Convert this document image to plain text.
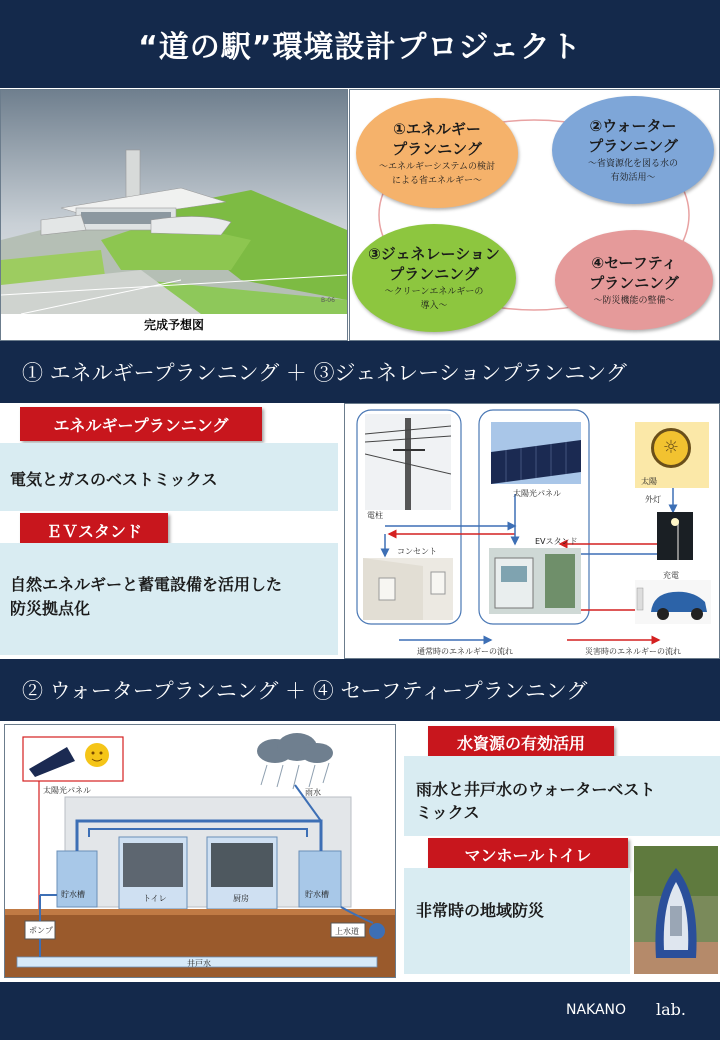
“道の駅”環境設計プロジェクト
B-06
完成予想図
①エネルギー
プランニング
～エネルギーシステムの検討
による省エネルギー～
②ウォーター
プランニング
～省資源化を図る水の
有効活用～
③ジェネレーション
プランニング
～クリーンエネルギーの
導入～
④セーフティ
プランニング
～防災機能の整備～
① エネルギープランニング ＋ ③ジェネレーションプランニング
エネルギープランニング
電気とガスのベストミックス
ＥＶスタンド
自然エネルギーと蓄電設備を活用した
防災拠点化
電柱
コンセント
太陽光パネル
EVスタンド
☼
太陽
外灯
充電
通常時のエネルギーの流れ	災害時のエネルギーの流れ
② ウォータープランニング ＋ ④ セーフティープランニング
太陽光パネル	雨水
貯水槽	トイレ	厨房	貯水槽
ポンプ	上水道
井戸水
水資源の有効活用
雨水と井戸水のウォーターベスト
ミックス
マンホールトイレ
非常時の地域防災
NAKANO lab.
